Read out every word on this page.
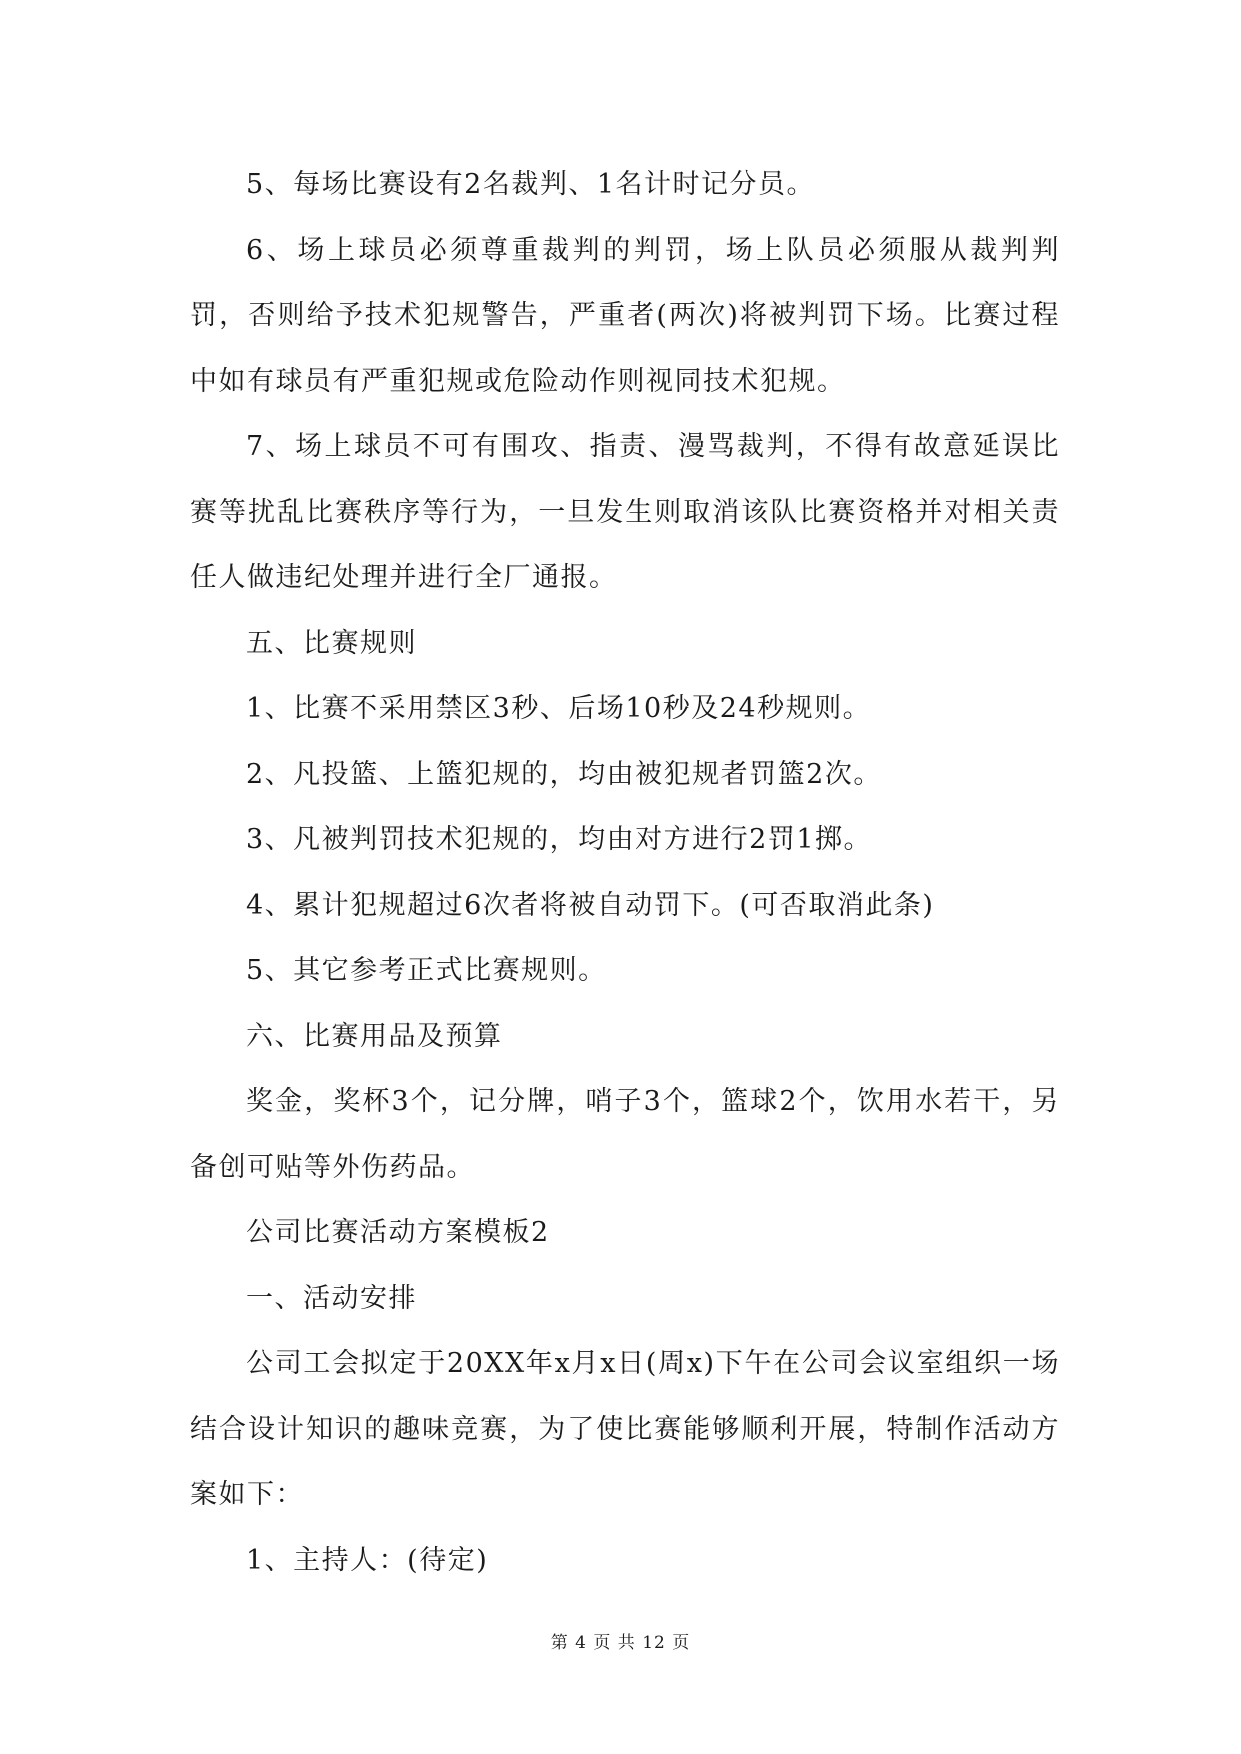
5、每场比赛设有2名裁判、1名计时记分员。

6、场上球员必须尊重裁判的判罚，场上队员必须服从裁判判罚，否则给予技术犯规警告，严重者(两次)将被判罚下场。比赛过程中如有球员有严重犯规或危险动作则视同技术犯规。

7、场上球员不可有围攻、指责、漫骂裁判，不得有故意延误比赛等扰乱比赛秩序等行为，一旦发生则取消该队比赛资格并对相关责任人做违纪处理并进行全厂通报。

五、比赛规则

1、比赛不采用禁区3秒、后场10秒及24秒规则。

2、凡投篮、上篮犯规的，均由被犯规者罚篮2次。

3、凡被判罚技术犯规的，均由对方进行2罚1掷。

4、累计犯规超过6次者将被自动罚下。(可否取消此条)

5、其它参考正式比赛规则。

六、比赛用品及预算

奖金，奖杯3个，记分牌，哨子3个，篮球2个，饮用水若干，另备创可贴等外伤药品。

公司比赛活动方案模板2

一、活动安排

公司工会拟定于20XX年x月x日(周x)下午在公司会议室组织一场结合设计知识的趣味竞赛，为了使比赛能够顺利开展，特制作活动方案如下：

1、主持人：(待定)

第 4 页 共 12 页
